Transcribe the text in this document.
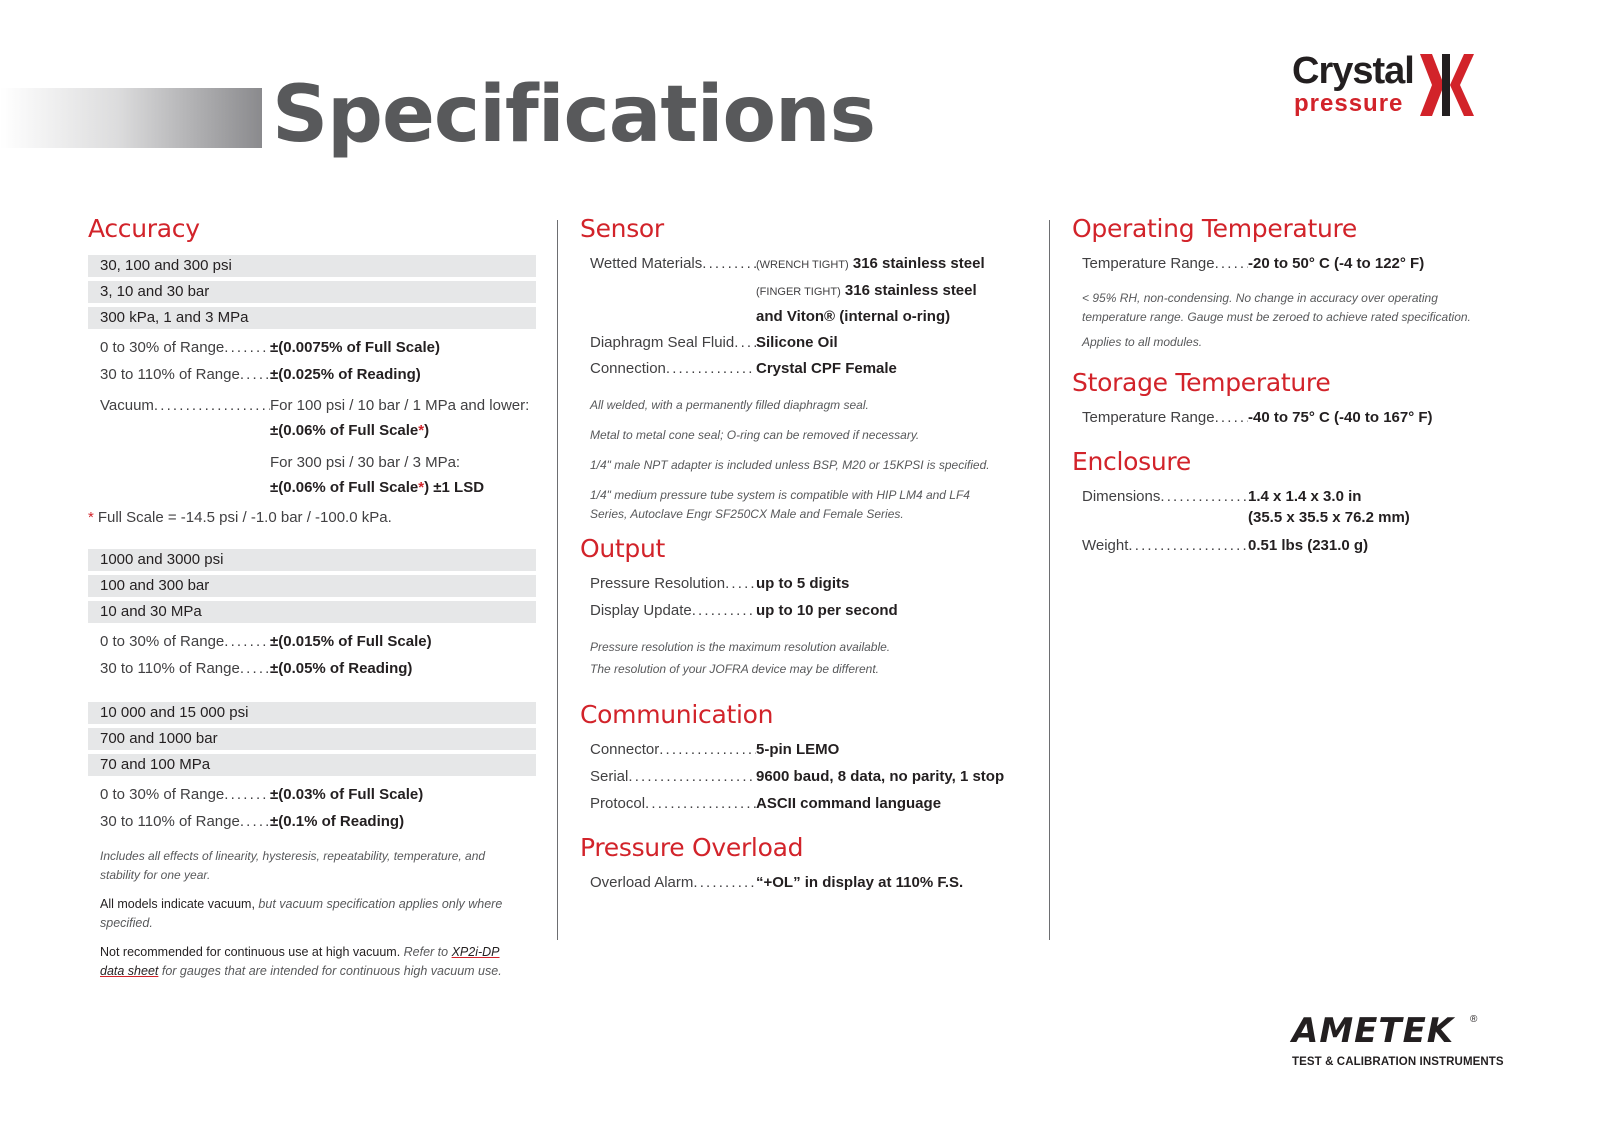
Specifications	Crystal
pressure
Accuracy
30, 100 and 300 psi
3, 10 and 30 bar
300 kPa, 1 and 3 MPa
0 to 30% of Range . . .	±(0.0075% of Full Scale)
30 to 110% of Range . . . ±(0.025% of Reading)
Vacuum . . .	For 100 psi / 10 bar / 1 MPa and lower:
±(0.06% of Full Scale*)
For 300 psi / 30 bar / 3 MPa:
±(0.06% of Full Scale*) ±1 LSD
* Full Scale = -14.5 psi / -1.0 bar / -100.0 kPa.
1000 and 3000 psi
100 and 300 bar
10 and 30 MPa
0 to 30% of Range . . .	±(0.015% of Full Scale)
30 to 110% of Range . . . ±(0.05% of Reading)
10 000 and 15 000 psi
700 and 1000 bar
70 and 100 MPa
0 to 30% of Range . . .	±(0.03% of Full Scale)
30 to 110% of Range . . . ±(0.1% of Reading)

Includes all effects of linearity, hysteresis, repeatability, temperature, and stability for one year.

All models indicate vacuum, but vacuum specification applies only where specified.

Not recommended for continuous use at high vacuum. Refer to XP2i-DP data sheet for gauges that are intended for continuous high vacuum use.

Sensor
Wetted Materials . . .	(WRENCH TIGHT) 316 stainless steel
(FINGER TIGHT) 316 stainless steel
and Viton® (internal o-ring)
Diaphragm Seal Fluid . . . Silicone Oil
Connection . . .	Crystal CPF Female

All welded, with a permanently filled diaphragm seal.

Metal to metal cone seal; O-ring can be removed if necessary.

1/4" male NPT adapter is included unless BSP, M20 or 15KPSI is specified.

1/4" medium pressure tube system is compatible with HIP LM4 and LF4 Series, Autoclave Engr SF250CX Male and Female Series.

Output
Pressure Resolution . . . up to 5 digits
Display Update . . .	up to 10 per second

Pressure resolution is the maximum resolution available.
The resolution of your JOFRA device may be different.

Communication
Connector . . .	5-pin LEMO
Serial . . .	9600 baud, 8 data, no parity, 1 stop
Protocol . . .	ASCII command language
Pressure Overload
Overload Alarm . . .	“+OL” in display at 110% F.S.
Operating Temperature
Temperature Range . . . -20 to 50° C (-4 to 122° F)

< 95% RH, non-condensing. No change in accuracy over operating temperature range. Gauge must be zeroed to achieve rated specification.

Applies to all modules.

Storage Temperature
Temperature Range . . . -40 to 75° C (-40 to 167° F)
Enclosure
Dimensions . . .	1.4 x 1.4 x 3.0 in
(35.5 x 35.5 x 76.2 mm)
Weight . . .	0.51 lbs (231.0 g)
AMETEK ®
TEST & CALIBRATION INSTRUMENTS
